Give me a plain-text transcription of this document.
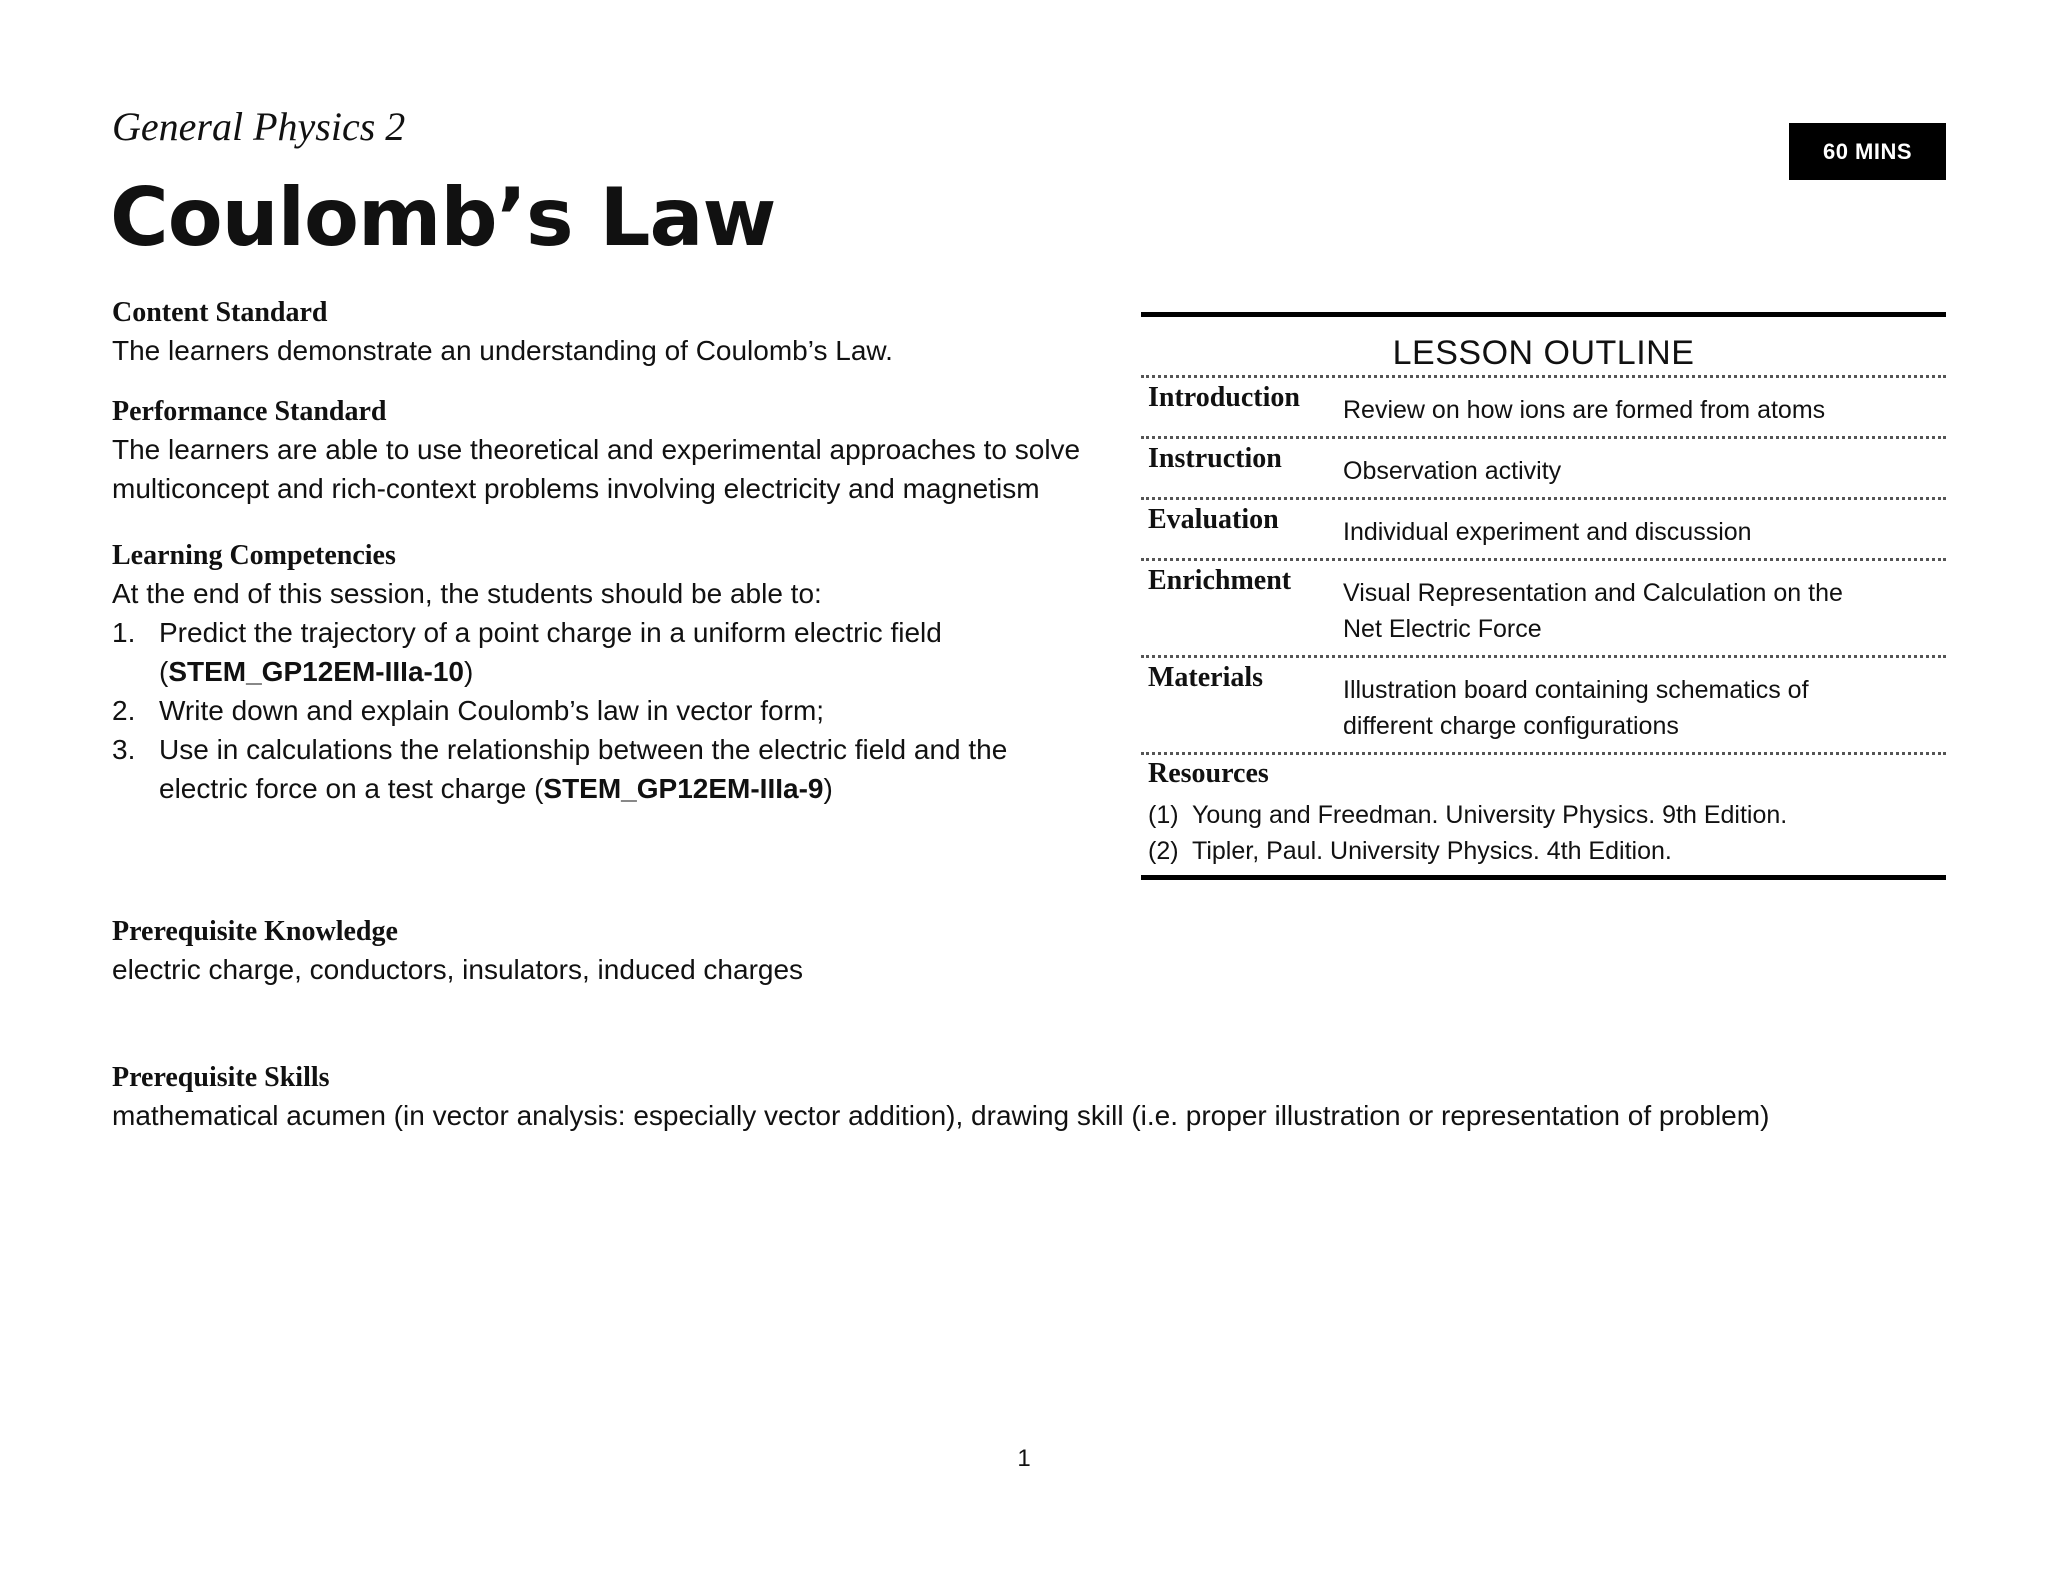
General Physics 2
Coulomb’s Law
60 MINS

Content Standard

The learners demonstrate an understanding of Coulomb’s Law.

Performance Standard

The learners are able to use theoretical and experimental approaches to solve

multiconcept and rich-context problems involving electricity and magnetism

Learning Competencies

At the end of this session, the students should be able to:

1. Predict the trajectory of a point charge in a uniform electric field
(STEM_GP12EM-IIIa-10)
2. Write down and explain Coulomb’s law in vector form;
3. Use in calculations the relationship between the electric field and the
electric force on a test charge (STEM_GP12EM-IIIa-9)
LESSON OUTLINE
Introduction	Review on how ions are formed from atoms
Instruction	Observation activity
Evaluation	Individual experiment and discussion
Enrichment	Visual Representation and Calculation on the
Net Electric Force
Materials	Illustration board containing schematics of
different charge configurations
Resources
(1) Young and Freedman. University Physics. 9th Edition.
(2) Tipler, Paul. University Physics. 4th Edition.

Prerequisite Knowledge

electric charge, conductors, insulators, induced charges

Prerequisite Skills

mathematical acumen (in vector analysis: especially vector addition), drawing skill (i.e. proper illustration or representation of problem)

1
